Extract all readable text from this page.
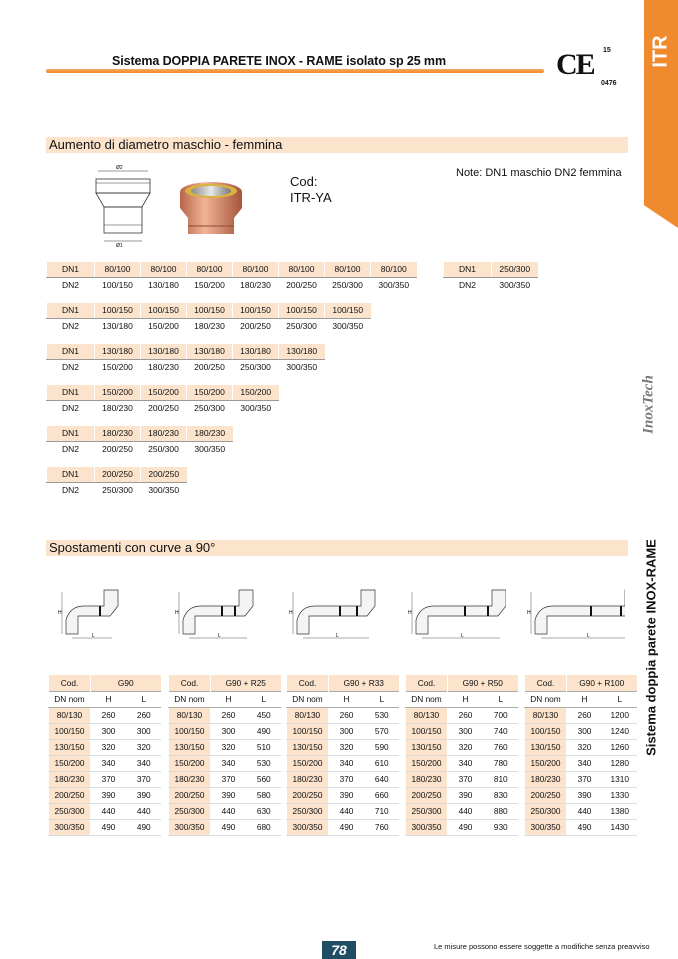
Sistema DOPPIA PARETE INOX - RAME isolato sp 25 mm	CE 15
0476
ITR
InoxTech
Sistema doppia parete INOX-RAME
Aumento di diametro maschio - femmina
Ø2
Ø1
Cod:
ITR-YA
Note: DN1 maschio DN2 femmina
DN1	80/100	80/100	80/100	80/100	80/100	80/100	80/100
DN2	100/150	130/180	150/200	180/230	200/250	250/300	300/350
DN1	100/150	100/150	100/150	100/150	100/150	100/150
DN2	130/180	150/200	180/230	200/250	250/300	300/350
DN1	130/180	130/180	130/180	130/180	130/180
DN2	150/200	180/230	200/250	250/300	300/350
DN1	150/200	150/200	150/200	150/200
DN2	180/230	200/250	250/300	300/350
DN1	180/230	180/230	180/230
DN2	200/250	250/300	300/350
DN1	200/250	200/250
DN2	250/300	300/350
DN1	250/300
DN2	300/350
Spostamenti con curve a 90°
H
L
H
L
H
L
H
L
H
L
Cod.	G90	
DN nom	H	L
80/130	260	260
100/150	300	300
130/150	320	320
150/200	340	340
180/230	370	370
200/250	390	390
250/300	440	440
300/350	490	490
Cod.	G90 + R25	
DN nom	H	L
80/130	260	450
100/150	300	490
130/150	320	510
150/200	340	530
180/230	370	560
200/250	390	580
250/300	440	630
300/350	490	680
Cod.	G90 + R33	
DN nom	H	L
80/130	260	530
100/150	300	570
130/150	320	590
150/200	340	610
180/230	370	640
200/250	390	660
250/300	440	710
300/350	490	760
Cod.	G90 + R50	
DN nom	H	L
80/130	260	700
100/150	300	740
130/150	320	760
150/200	340	780
180/230	370	810
200/250	390	830
250/300	440	880
300/350	490	930
Cod.	G90 + R100	
DN nom	H	L
80/130	260	1200
100/150	300	1240
130/150	320	1260
150/200	340	1280
180/230	370	1310
200/250	390	1330
250/300	440	1380
300/350	490	1430
78	Le misure possono essere soggette a modifiche senza preavviso
